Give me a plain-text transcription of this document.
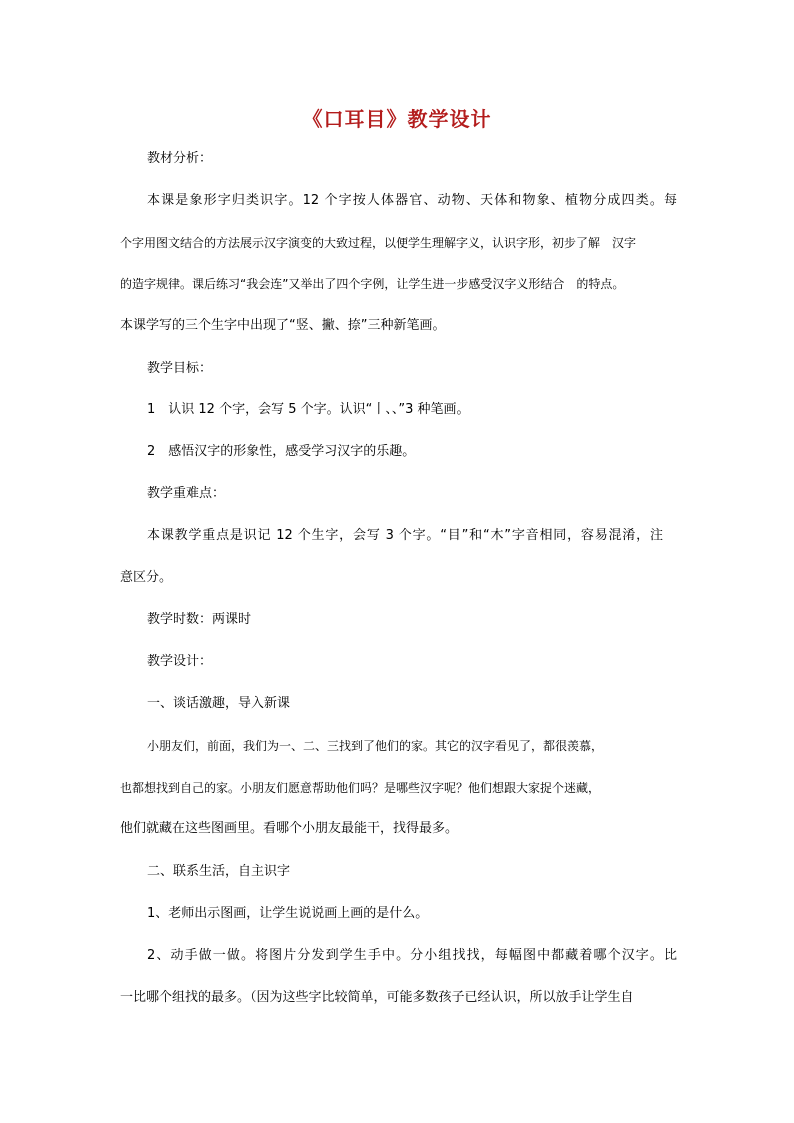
《口耳目》教学设计
教材分析：
本课是象形字归类识字。12 个字按人体器官、动物、天体和物象、植物分成四类。每
个字用图文结合的方法展示汉字演变的大致过程，以便学生理解字义，认识字形，初步了解　汉字
的造字规律。课后练习“我会连”又举出了四个字例，让学生进一步感受汉字义形结合　的特点。
本课学写的三个生字中出现了“竖、撇、捺”三种新笔画。
教学目标：
1　认识 12 个字，会写 5 个字。认识“丨、、”3 种笔画。
2　感悟汉字的形象性，感受学习汉字的乐趣。
教学重难点：
本课教学重点是识记 12 个生字，会写 3 个字。“目”和“木”字音相同，容易混淆，注
意区分。
教学时数：两课时
教学设计：
一、谈话激趣，导入新课
小朋友们，前面，我们为一、二、三找到了他们的家。其它的汉字看见了，都很羡慕，
也都想找到自己的家。小朋友们愿意帮助他们吗？是哪些汉字呢？他们想跟大家捉个迷藏，
他们就藏在这些图画里。看哪个小朋友最能干，找得最多。
二、联系生活，自主识字
1、老师出示图画，让学生说说画上画的是什么。
2、动手做一做。将图片分发到学生手中。分小组找找，每幅图中都藏着哪个汉字。比
一比哪个组找的最多。（因为这些字比较简单，可能多数孩子已经认识，所以放手让学生自
